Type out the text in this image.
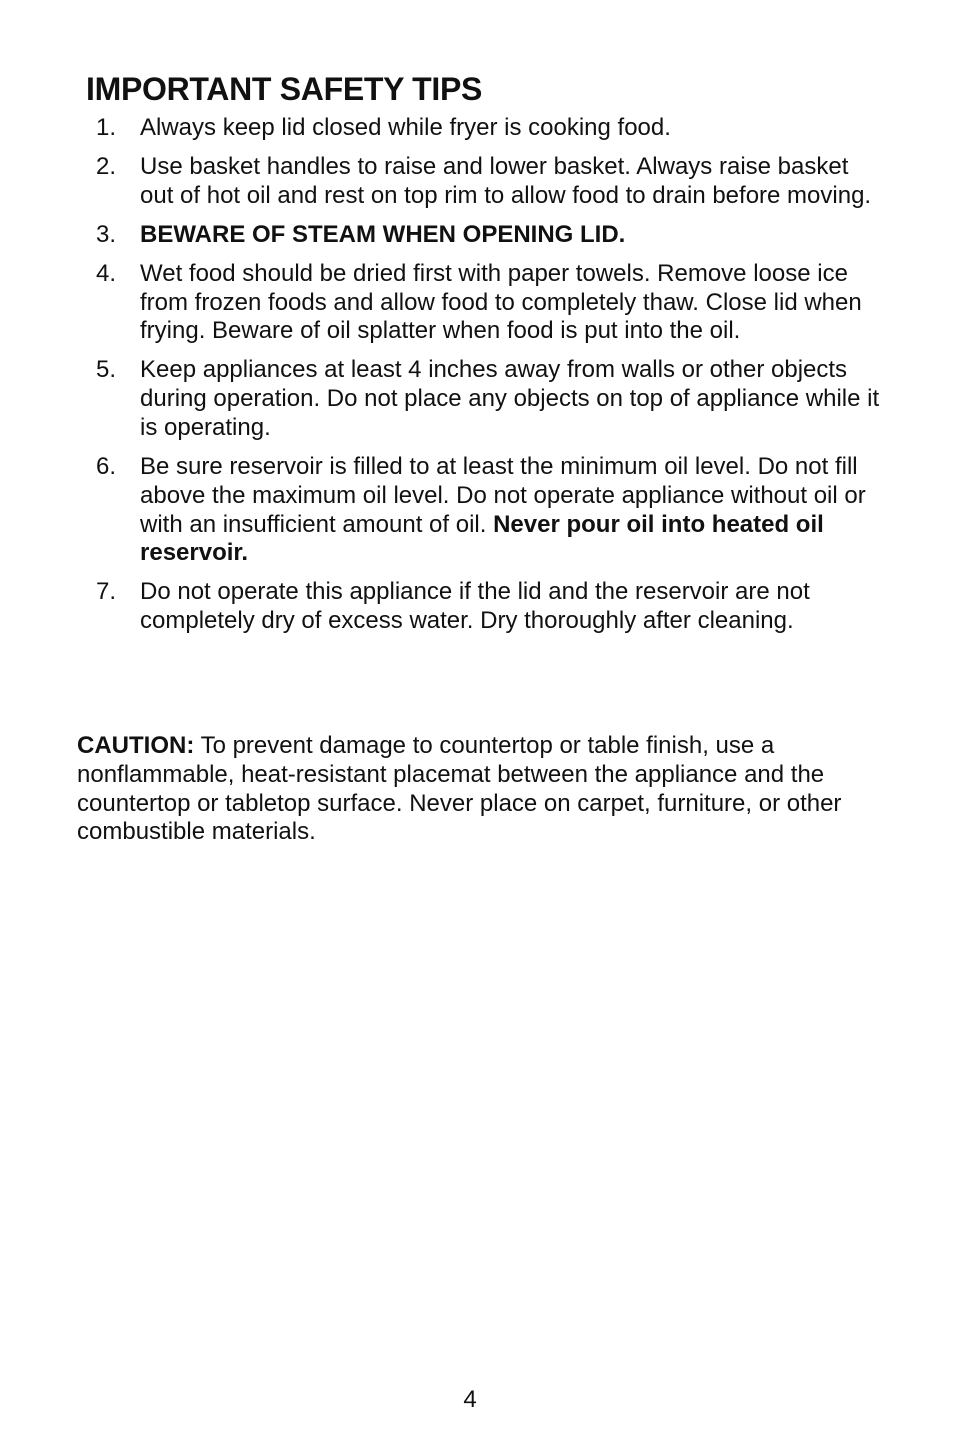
IMPORTANT SAFETY TIPS
1. Always keep lid closed while fryer is cooking food.
2. Use basket handles to raise and lower basket. Always raise basket out of hot oil and rest on top rim to allow food to drain before moving.
3. BEWARE OF STEAM WHEN OPENING LID.
4. Wet food should be dried first with paper towels. Remove loose ice from frozen foods and allow food to completely thaw. Close lid when frying. Beware of oil splatter when food is put into the oil.
5. Keep appliances at least 4 inches away from walls or other objects during operation. Do not place any objects on top of appliance while it is operating.
6. Be sure reservoir is filled to at least the minimum oil level. Do not fill above the maximum oil level. Do not operate appliance without oil or with an insufficient amount of oil. Never pour oil into heated oil reservoir.
7. Do not operate this appliance if the lid and the reservoir are not completely dry of excess water. Dry thoroughly after cleaning.

CAUTION: To prevent damage to countertop or table finish, use a nonflammable, heat-resistant placemat between the appliance and the countertop or tabletop surface. Never place on carpet, furniture, or other combustible materials.

4
